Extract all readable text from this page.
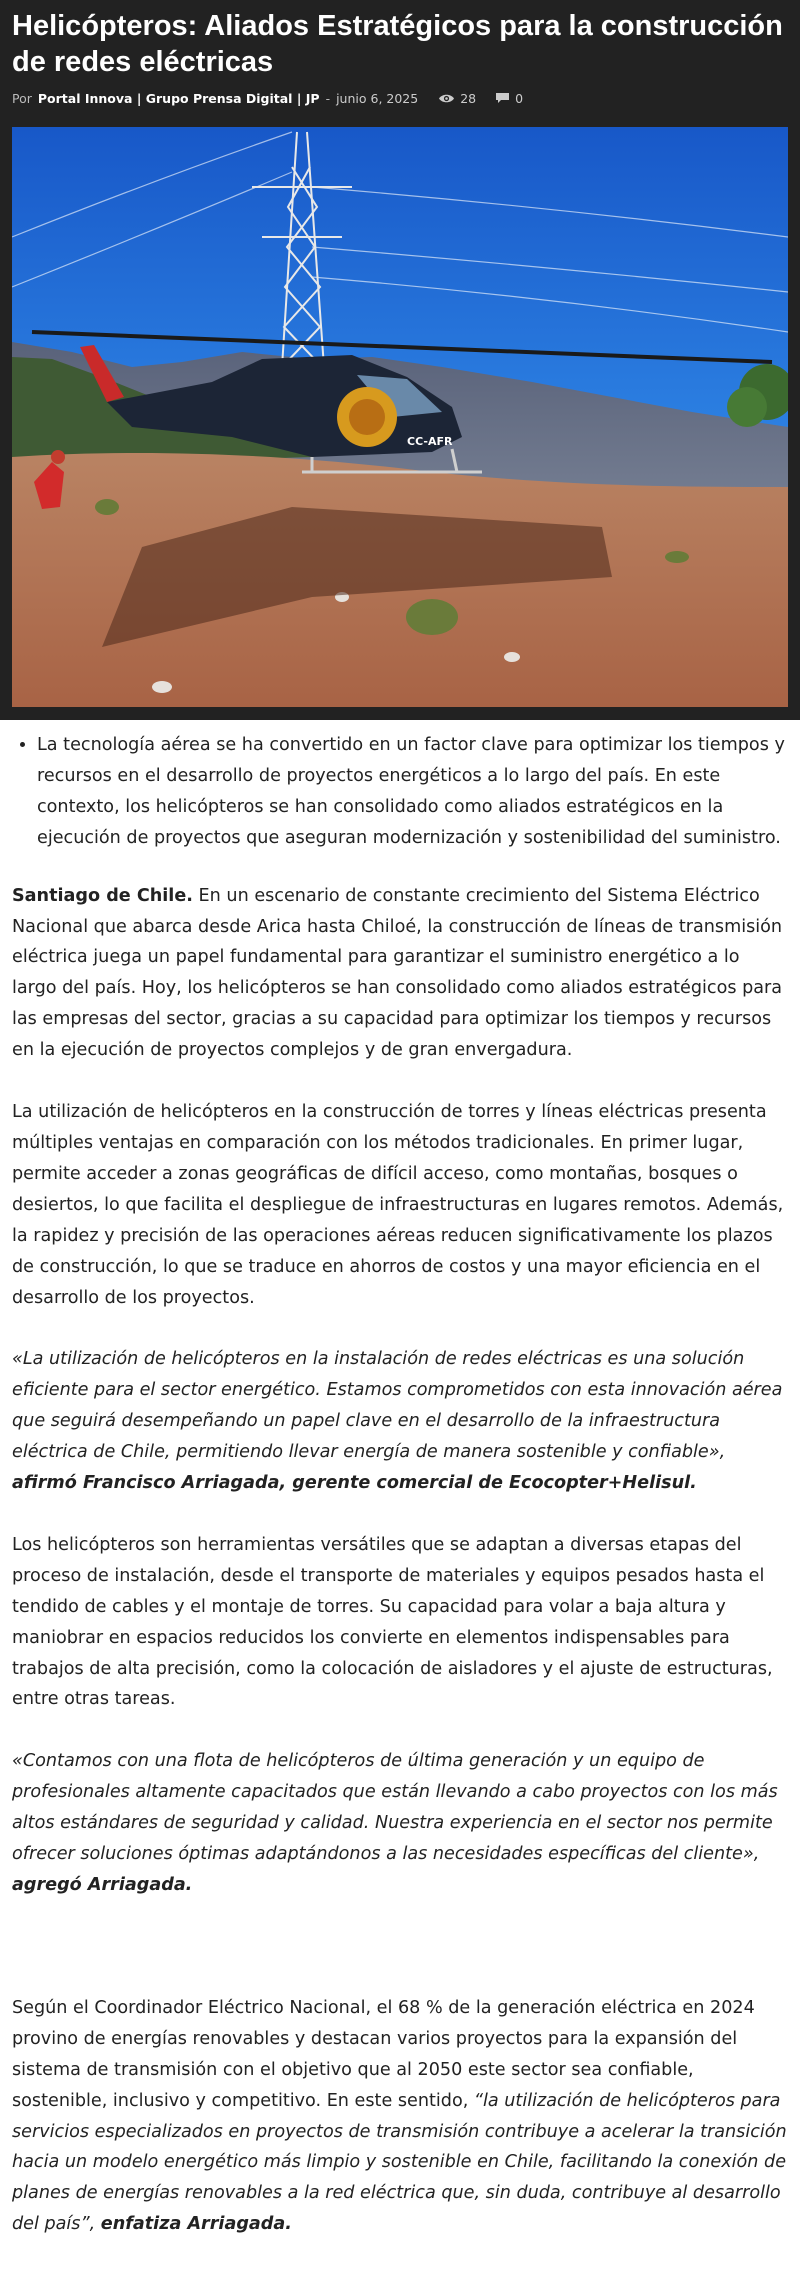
Helicópteros: Aliados Estratégicos para la construcción de redes eléctricas
Por Portal Innova | Grupo Prensa Digital | JP - junio 6, 2025	28	0
CC-AFR
• La tecnología aérea se ha convertido en un factor clave para optimizar los tiempos y recursos en el desarrollo de proyectos energéticos a lo largo del país. En este contexto, los helicópteros se han consolidado como aliados estratégicos en la ejecución de proyectos que aseguran modernización y sostenibilidad del suministro.

Santiago de Chile. En un escenario de constante crecimiento del Sistema Eléctrico Nacional que abarca desde Arica hasta Chiloé, la construcción de líneas de transmisión eléctrica juega un papel fundamental para garantizar el suministro energético a lo largo del país. Hoy, los helicópteros se han consolidado como aliados estratégicos para las empresas del sector, gracias a su capacidad para optimizar los tiempos y recursos en la ejecución de proyectos complejos y de gran envergadura.

La utilización de helicópteros en la construcción de torres y líneas eléctricas presenta múltiples ventajas en comparación con los métodos tradicionales. En primer lugar, permite acceder a zonas geográficas de difícil acceso, como montañas, bosques o desiertos, lo que facilita el despliegue de infraestructuras en lugares remotos. Además, la rapidez y precisión de las operaciones aéreas reducen significativamente los plazos de construcción, lo que se traduce en ahorros de costos y una mayor eficiencia en el desarrollo de los proyectos.

«La utilización de helicópteros en la instalación de redes eléctricas es una solución eficiente para el sector energético. Estamos comprometidos con esta innovación aérea que seguirá desempeñando un papel clave en el desarrollo de la infraestructura eléctrica de Chile, permitiendo llevar energía de manera sostenible y confiable»,
afirmó Francisco Arriagada, gerente comercial de Ecocopter+Helisul.

Los helicópteros son herramientas versátiles que se adaptan a diversas etapas del proceso de instalación, desde el transporte de materiales y equipos pesados hasta el tendido de cables y el montaje de torres. Su capacidad para volar a baja altura y maniobrar en espacios reducidos los convierte en elementos indispensables para trabajos de alta precisión, como la colocación de aisladores y el ajuste de estructuras, entre otras tareas.

«Contamos con una flota de helicópteros de última generación y un equipo de profesionales altamente capacitados que están llevando a cabo proyectos con los más altos estándares de seguridad y calidad. Nuestra experiencia en el sector nos permite ofrecer soluciones óptimas adaptándonos a las necesidades específicas del cliente»,
agregó Arriagada.

Según el Coordinador Eléctrico Nacional, el 68 % de la generación eléctrica en 2024 provino de energías renovables y destacan varios proyectos para la expansión del sistema de transmisión con el objetivo que al 2050 este sector sea confiable, sostenible, inclusivo y competitivo. En este sentido, “la utilización de helicópteros para servicios especializados en proyectos de transmisión contribuye a acelerar la transición hacia un modelo energético más limpio y sostenible en Chile, facilitando la conexión de planes de energías renovables a la red eléctrica que, sin duda, contribuye al desarrollo del país”, enfatiza Arriagada.
